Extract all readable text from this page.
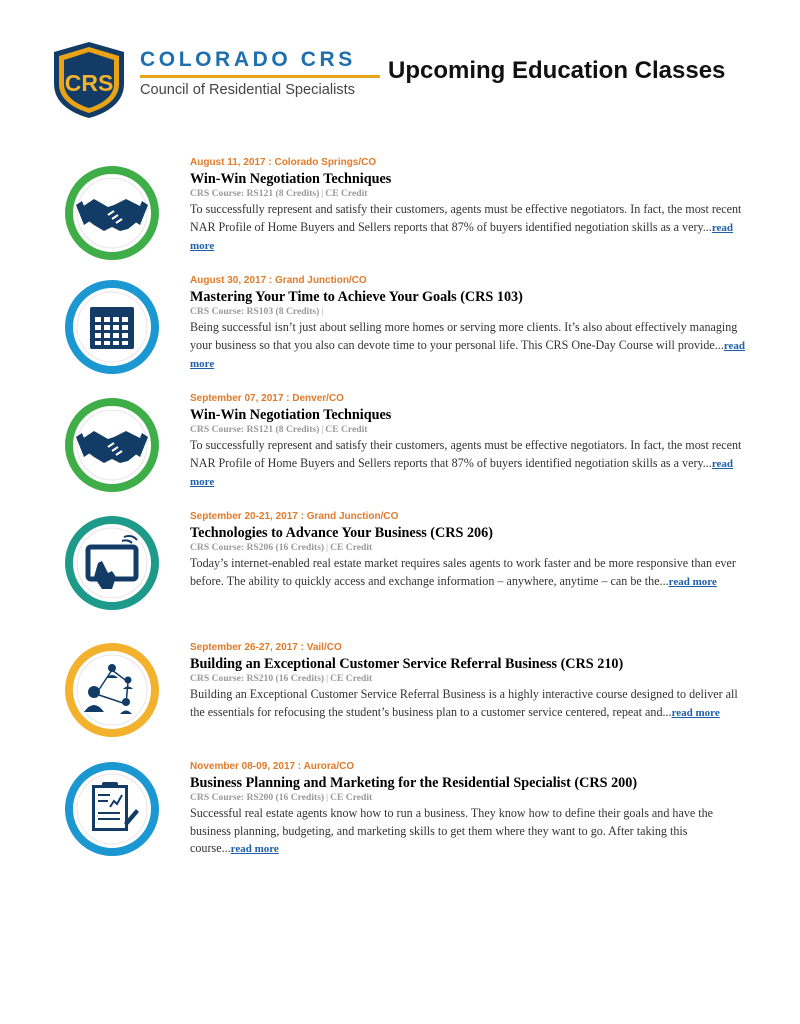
CRS
COLORADO CRS
Council of Residential Specialists
Upcoming Education Classes
August 11, 2017 : Colorado Springs/CO
Win-Win Negotiation Techniques
CRS Course: RS121 (8 Credits) | CE Credit
To successfully represent and satisfy their customers, agents must be effective negotiators. In fact, the most recent NAR Profile of Home Buyers and Sellers reports that 87% of buyers identified negotiation skills as a very...read more
August 30, 2017 : Grand Junction/CO
Mastering Your Time to Achieve Your Goals (CRS 103)
CRS Course: RS103 (8 Credits) |
Being successful isn’t just about selling more homes or serving more clients. It’s also about effectively managing your business so that you also can devote time to your personal life. This CRS One-Day Course will provide...read more
September 07, 2017 : Denver/CO
Win-Win Negotiation Techniques
CRS Course: RS121 (8 Credits) | CE Credit
To successfully represent and satisfy their customers, agents must be effective negotiators. In fact, the most recent NAR Profile of Home Buyers and Sellers reports that 87% of buyers identified negotiation skills as a very...read more
September 20-21, 2017 : Grand Junction/CO
Technologies to Advance Your Business (CRS 206)
CRS Course: RS206 (16 Credits) | CE Credit
Today’s internet-enabled real estate market requires sales agents to work faster and be more responsive than ever before. The ability to quickly access and exchange information – anywhere, anytime – can be the...read more
September 26-27, 2017 : Vail/CO
Building an Exceptional Customer Service Referral Business (CRS 210)
CRS Course: RS210 (16 Credits) | CE Credit
Building an Exceptional Customer Service Referral Business is a highly interactive course designed to deliver all the essentials for refocusing the student’s business plan to a customer service centered, repeat and...read more
November 08-09, 2017 : Aurora/CO
Business Planning and Marketing for the Residential Specialist (CRS 200)
CRS Course: RS200 (16 Credits) | CE Credit
Successful real estate agents know how to run a business. They know how to define their goals and have the business planning, budgeting, and marketing skills to get them where they want to go. After taking this course...read more
